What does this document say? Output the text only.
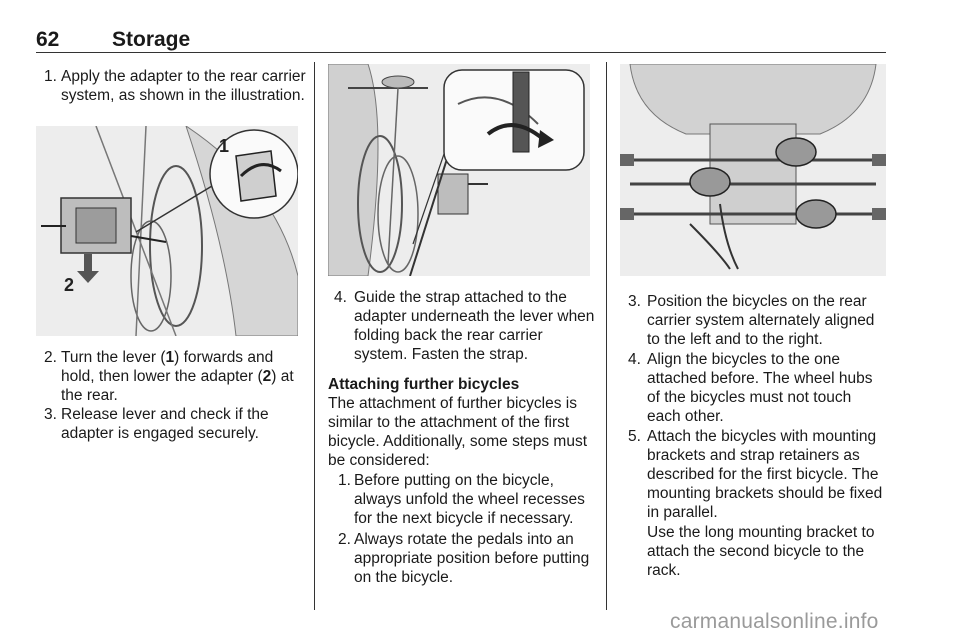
62	Storage
1. Apply the adapter to the rear carrier system, as shown in the illustration.
1
2
2. Turn the lever (1) forwards and hold, then lower the adapter (2) at the rear.
3. Release lever and check if the adapter is engaged securely.
4. Guide the strap attached to the adapter underneath the lever when folding back the rear carrier system. Fasten the strap.
Attaching further bicycles
The attachment of further bicycles is similar to the attachment of the first bicycle. Additionally, some steps must be considered:
1. Before putting on the bicycle, always unfold the wheel recesses for the next bicycle if necessary.
2. Always rotate the pedals into an appropriate position before putting on the bicycle.
3. Position the bicycles on the rear carrier system alternately aligned to the left and to the right.
4. Align the bicycles to the one attached before. The wheel hubs of the bicycles must not touch each other.
5. Attach the bicycles with mounting brackets and strap retainers as described for the first bicycle. The mounting brackets should be fixed in parallel.
Use the long mounting bracket to attach the second bicycle to the rack.
carmanualsonline.info
